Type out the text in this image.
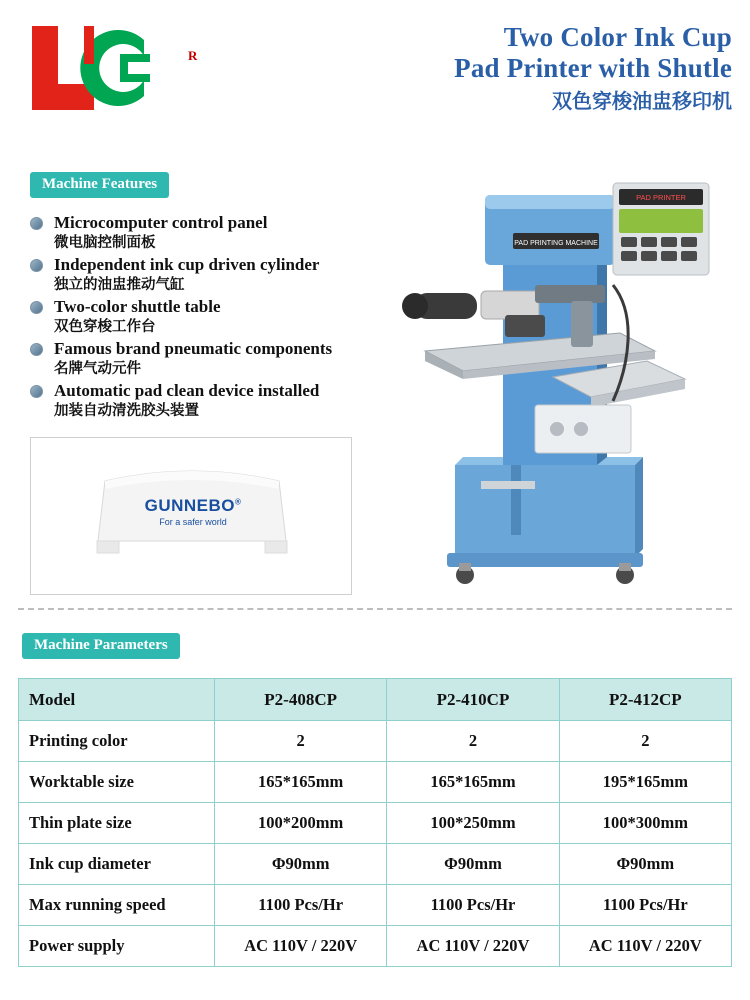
R
Two Color Ink Cup
Pad Printer with Shutle
双色穿梭油盅移印机
Machine Features
Microcomputer control panel
微电脑控制面板
Independent ink cup driven cylinder
独立的油盅推动气缸
Two-color shuttle table
双色穿梭工作台
Famous brand pneumatic components
名牌气动元件
Automatic pad clean device installed
加装自动清洗胶头装置
GUNNEBO®
For a safer world
PAD PRINTING MACHINE
PAD PRINTER
Machine Parameters
Model	P2-408CP	P2-410CP	P2-412CP
Printing color	2	2	2
Worktable size	165*165mm	165*165mm	195*165mm
Thin plate size	100*200mm	100*250mm	100*300mm
Ink cup diameter	Φ90mm	Φ90mm	Φ90mm
Max running speed	1100 Pcs/Hr	1100 Pcs/Hr	1100 Pcs/Hr
Power supply	AC 110V / 220V	AC 110V / 220V	AC 110V / 220V
